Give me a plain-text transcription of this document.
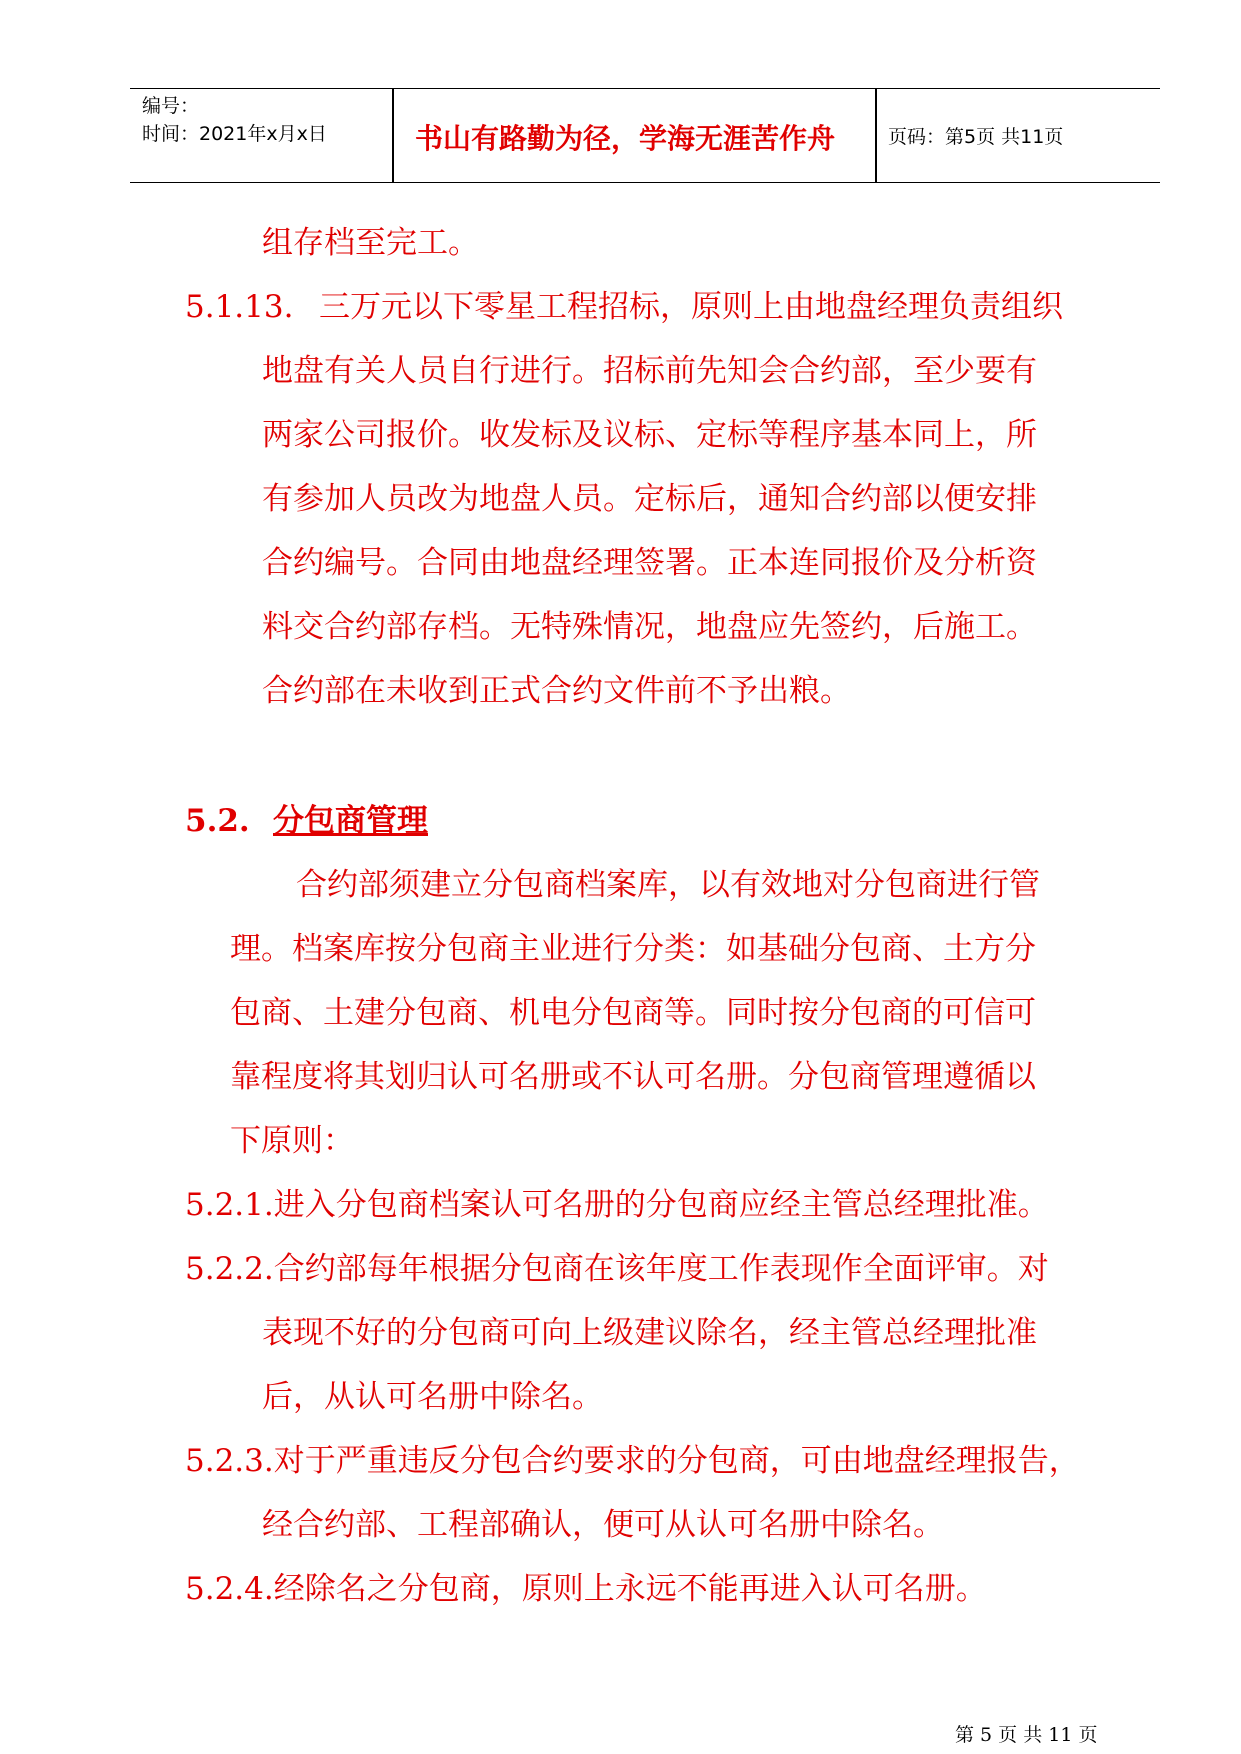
编号：
时间：2021年x月x日	书山有路勤为径，学海无涯苦作舟	页码：第5页 共11页
组存档至完工。
5.1.13. 三万元以下零星工程招标，原则上由地盘经理负责组织
地盘有关人员自行进行。招标前先知会合约部，至少要有
两家公司报价。收发标及议标、定标等程序基本同上，所
有参加人员改为地盘人员。定标后，通知合约部以便安排
合约编号。合同由地盘经理签署。正本连同报价及分析资
料交合约部存档。无特殊情况，地盘应先签约，后施工。
合约部在未收到正式合约文件前不予出粮。
5.2. 分包商管理
合约部须建立分包商档案库，以有效地对分包商进行管
理。档案库按分包商主业进行分类：如基础分包商、土方分
包商、土建分包商、机电分包商等。同时按分包商的可信可
靠程度将其划归认可名册或不认可名册。分包商管理遵循以
下原则：
5.2.1.进入分包商档案认可名册的分包商应经主管总经理批准。
5.2.2.合约部每年根据分包商在该年度工作表现作全面评审。对
表现不好的分包商可向上级建议除名，经主管总经理批准
后，从认可名册中除名。
5.2.3.对于严重违反分包合约要求的分包商，可由地盘经理报告，
经合约部、工程部确认，便可从认可名册中除名。
5.2.4.经除名之分包商，原则上永远不能再进入认可名册。
第 5 页 共 11 页
